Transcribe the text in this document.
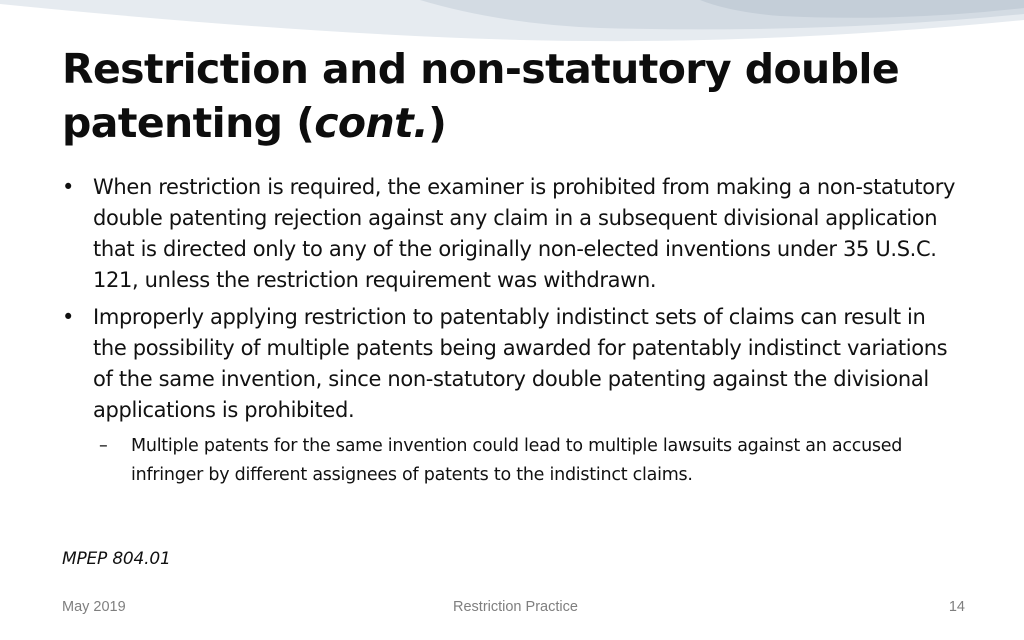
Restriction and non-statutory double patenting (cont.)
• When restriction is required, the examiner is prohibited from making a non-statutory double patenting rejection against any claim in a subsequent divisional application that is directed only to any of the originally non-elected inventions under 35 U.S.C. 121, unless the restriction requirement was withdrawn.
• Improperly applying restriction to patentably indistinct sets of claims can result in the possibility of multiple patents being awarded for patentably indistinct variations of the same invention, since non-statutory double patenting against the divisional applications is prohibited.
– Multiple patents for the same invention could lead to multiple lawsuits against an accused infringer by different assignees of patents to the indistinct claims.
MPEP 804.01
May 2019	Restriction Practice	14
